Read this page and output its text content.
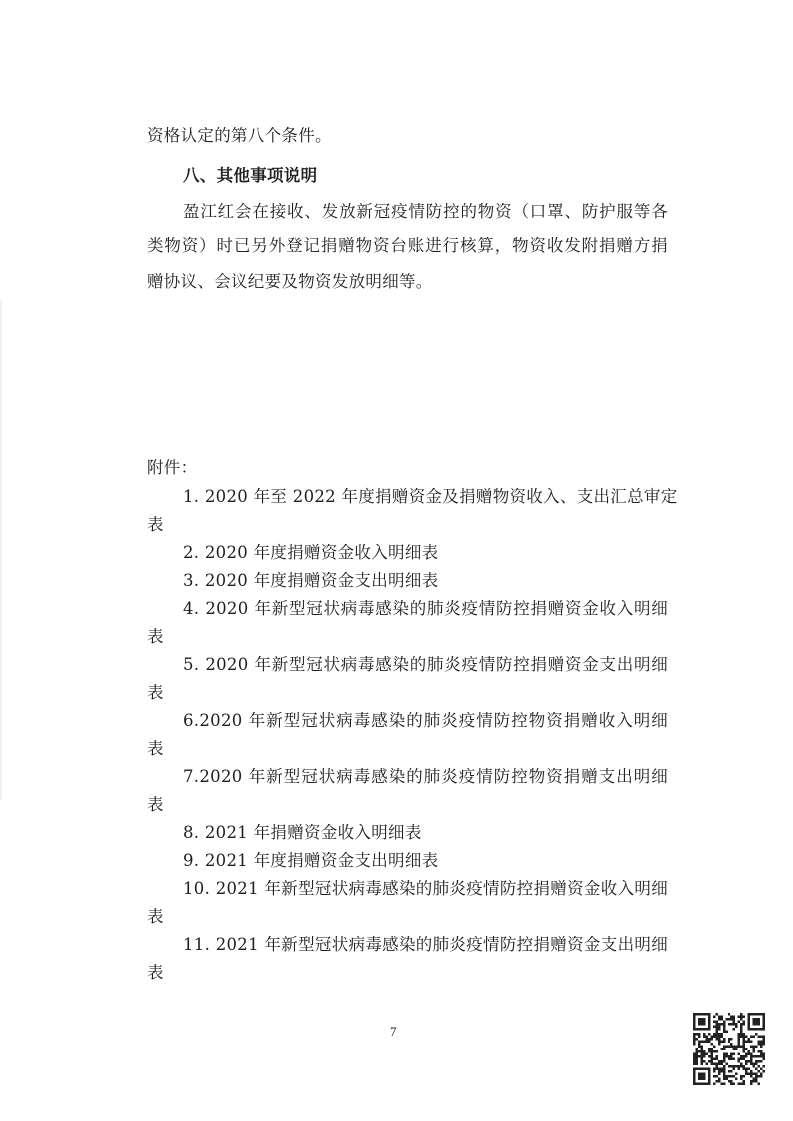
资格认定的第八个条件。
八、其他事项说明
盈江红会在接收、发放新冠疫情防控的物资（口罩、防护服等各
类物资）时已另外登记捐赠物资台账进行核算，物资收发附捐赠方捐
赠协议、会议纪要及物资发放明细等。
附件：
1. 2020 年至 2022 年度捐赠资金及捐赠物资收入、支出汇总审定
表
2. 2020 年度捐赠资金收入明细表
3. 2020 年度捐赠资金支出明细表
4. 2020 年新型冠状病毒感染的肺炎疫情防控捐赠资金收入明细
表
5. 2020 年新型冠状病毒感染的肺炎疫情防控捐赠资金支出明细
表
6.2020 年新型冠状病毒感染的肺炎疫情防控物资捐赠收入明细
表
7.2020 年新型冠状病毒感染的肺炎疫情防控物资捐赠支出明细
表
8. 2021 年捐赠资金收入明细表
9. 2021 年度捐赠资金支出明细表
10. 2021 年新型冠状病毒感染的肺炎疫情防控捐赠资金收入明细
表
11. 2021 年新型冠状病毒感染的肺炎疫情防控捐赠资金支出明细
表
7
